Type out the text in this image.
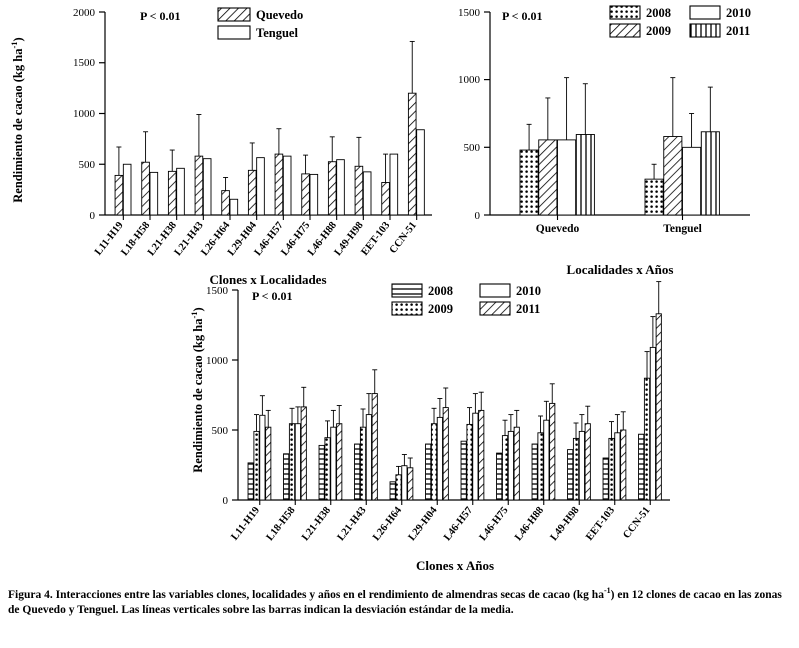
Rendimiento de cacao (kg $ha^{-1}$)
0
500
1000
1500
2000	P < 0.01	Quevedo
Tenguel
L11-H19
L18-H58
L21-H38
L21-H43
L26-H64
L29-H04
L46-H57
L46-H75
L46-H88
L49-H98
EET-103
CCN-51
Clones x Localidades
0
500
1000
1500 P < 0.01	2008	2010
2009	2011
Quevedo	Tenguel
Localidades x Años
Rendimiento de cacao (kg $ha^{-1}$)
0
500
1000
1500 P < 0.01	2008	2010
2009	2011
L11-H19 L18-H58 L21-H38 L21-H43 L26-H64 L29-H04 L46-H57 L46-H75 L46-H88 L49-H98 EET-103 CCN-51
Clones x Años
Figura 4. Interacciones entre las variables clones, localidades y años en el rendimiento de almendras secas de cacao (kg $ha^{-1}$) en 12 clones de cacao en las zonas de Quevedo y Tenguel. Las líneas verticales sobre las barras indican la desviación estándar de la media.
